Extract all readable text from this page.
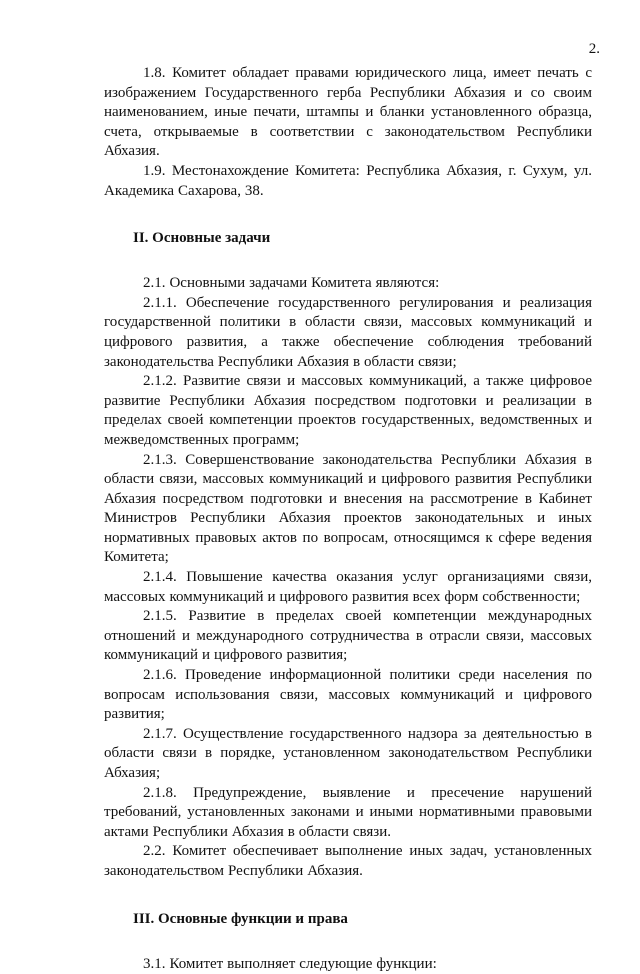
2.

1.8. Комитет обладает правами юридического лица, имеет печать с изображением Государственного герба Республики Абхазия и со своим наименованием, иные печати, штампы и бланки установленного образца, счета, открываемые в соответствии с законодательством Республики Абхазия.

1.9. Местонахождение Комитета: Республика Абхазия, г. Сухум, ул. Академика Сахарова, 38.

II. Основные задачи

2.1. Основными задачами Комитета являются:

2.1.1. Обеспечение государственного регулирования и реализация государственной политики в области связи, массовых коммуникаций и цифрового развития, а также обеспечение соблюдения требований законодательства Республики Абхазия в области связи;

2.1.2. Развитие связи и массовых коммуникаций, а также цифровое развитие Республики Абхазия посредством подготовки и реализации в пределах своей компетенции проектов государственных, ведомственных и межведомственных программ;

2.1.3. Совершенствование законодательства Республики Абхазия в области связи, массовых коммуникаций и цифрового развития Республики Абхазия посредством подготовки и внесения на рассмотрение в Кабинет Министров Республики Абхазия проектов законодательных и иных нормативных правовых актов по вопросам, относящимся к сфере ведения Комитета;

2.1.4. Повышение качества оказания услуг организациями связи, массовых коммуникаций и цифрового развития всех форм собственности;

2.1.5. Развитие в пределах своей компетенции международных отношений и международного сотрудничества в отрасли связи, массовых коммуникаций и цифрового развития;

2.1.6. Проведение информационной политики среди населения по вопросам использования связи, массовых коммуникаций и цифрового развития;

2.1.7. Осуществление государственного надзора за деятельностью в области связи в порядке, установленном законодательством Республики Абхазия;

2.1.8. Предупреждение, выявление и пресечение нарушений требований, установленных законами и иными нормативными правовыми актами Республики Абхазия в области связи.

2.2. Комитет обеспечивает выполнение иных задач, установленных законодательством Республики Абхазия.

III. Основные функции и права

3.1. Комитет выполняет следующие функции:
